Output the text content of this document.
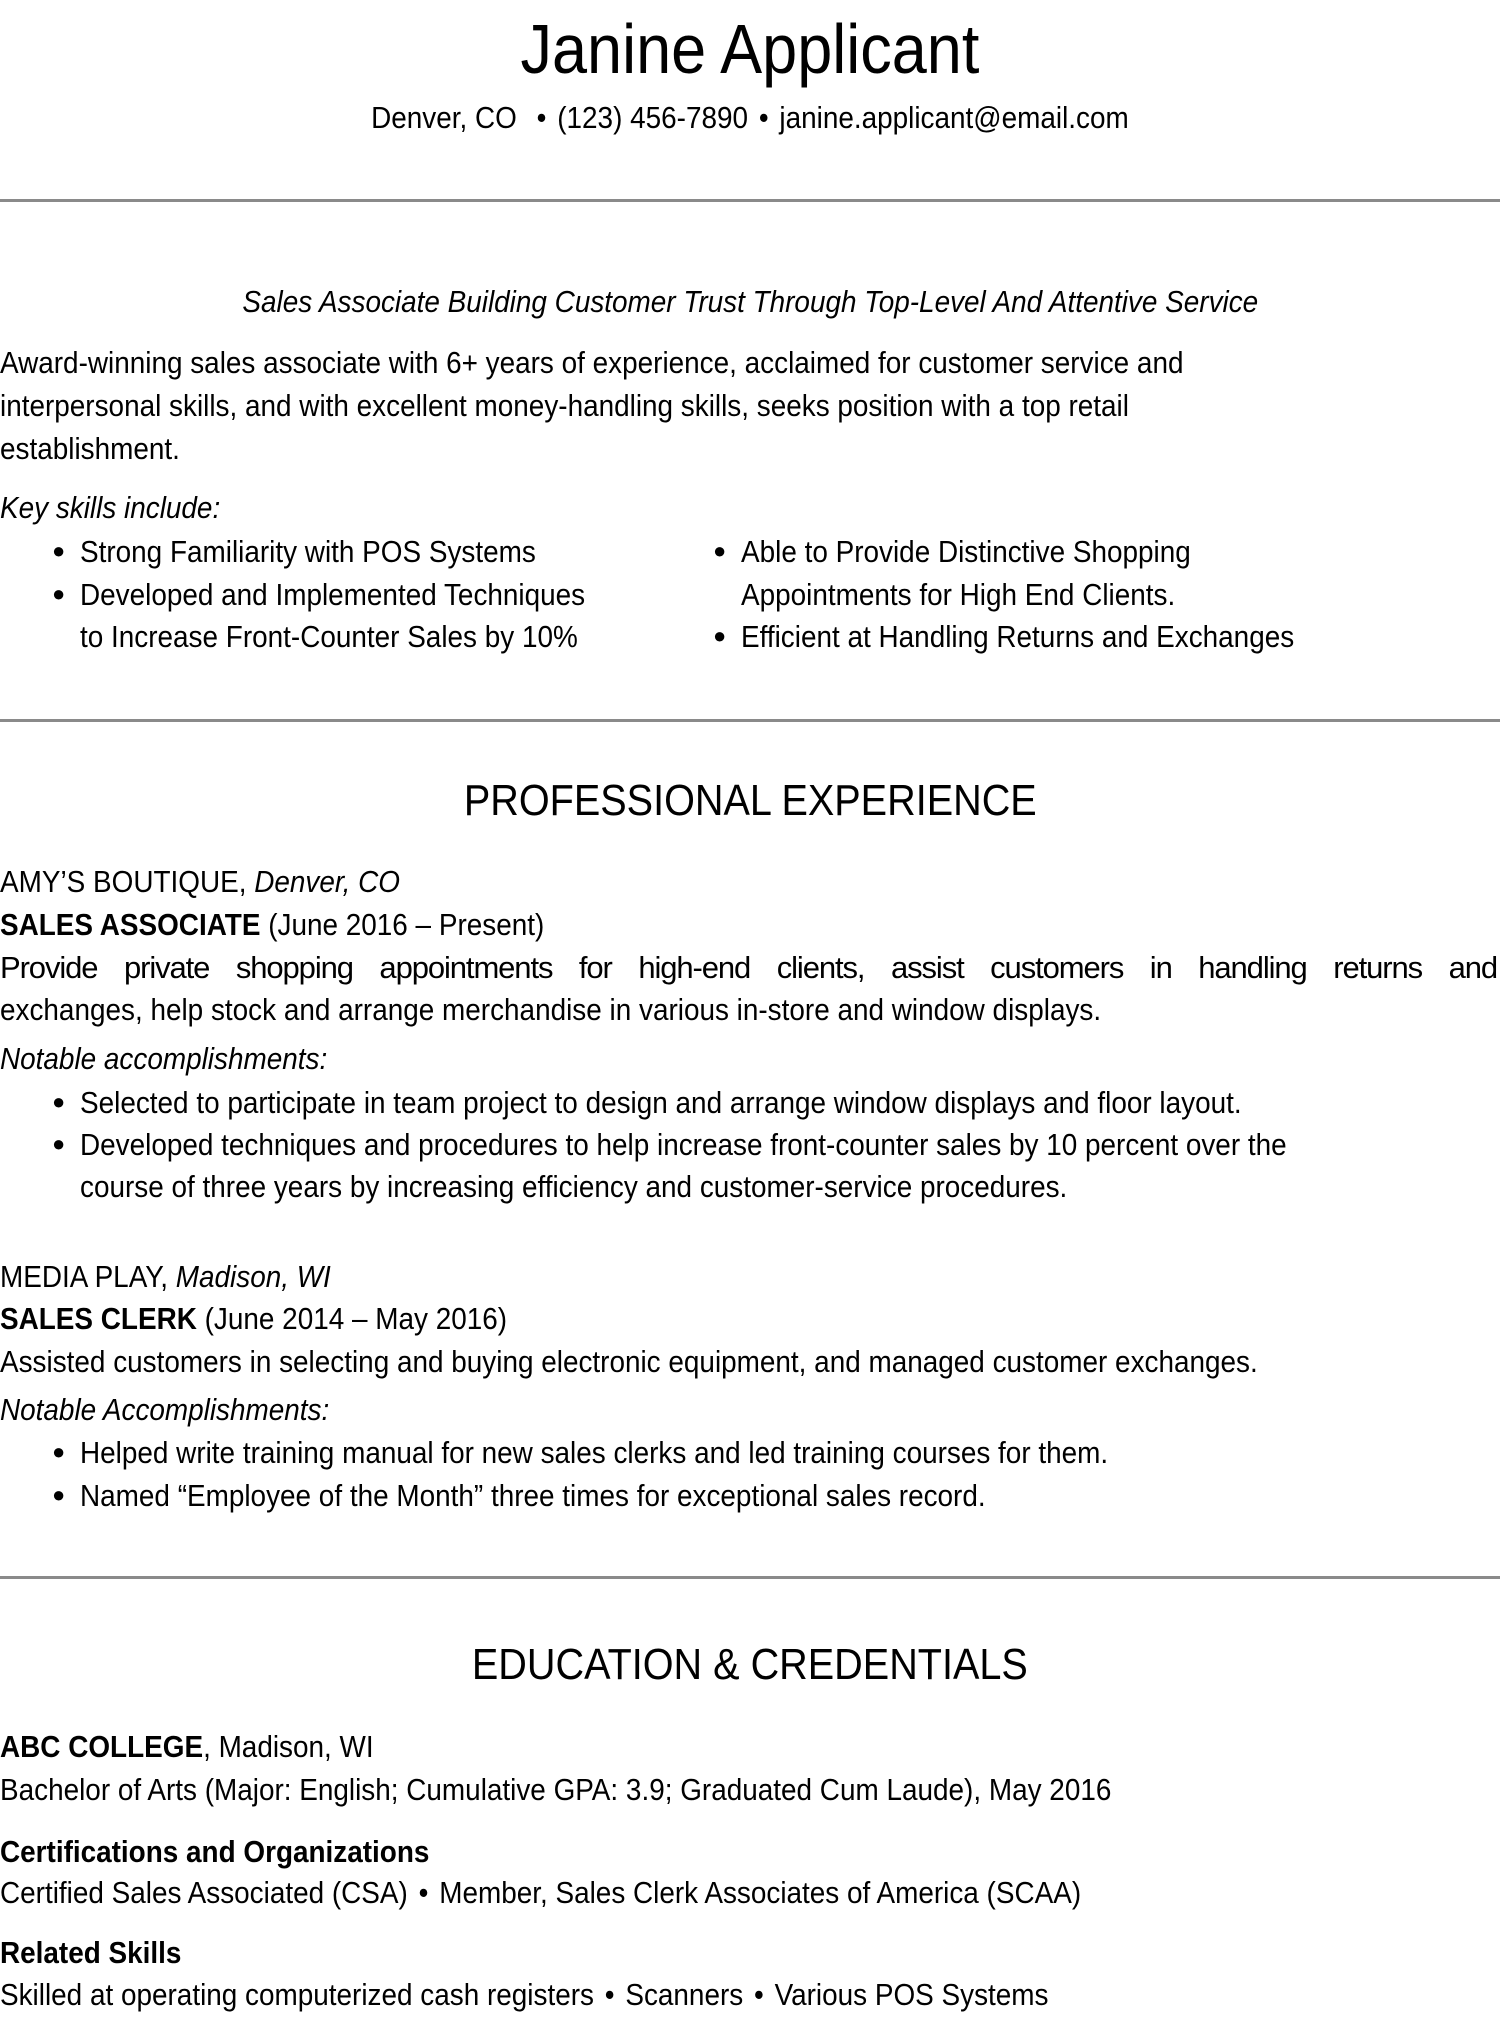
Janine Applicant
Denver, CO • (123) 456-7890 • janine.applicant@email.com
Sales Associate Building Customer Trust Through Top-Level And Attentive Service
Award-winning sales associate with 6+ years of experience, acclaimed for customer service and
interpersonal skills, and with excellent money-handling skills, seeks position with a top retail
establishment.
Key skills include:
● Strong Familiarity with POS Systems
● Developed and Implemented Techniques
to Increase Front-Counter Sales by 10%
● Able to Provide Distinctive Shopping
Appointments for High End Clients.
● Efficient at Handling Returns and Exchanges
PROFESSIONAL EXPERIENCE
AMY’S BOUTIQUE, Denver, CO
SALES ASSOCIATE (June 2016 – Present)
Provide private shopping appointments for high-end clients, assist customers in handling returns and
exchanges, help stock and arrange merchandise in various in-store and window displays.
Notable accomplishments:
● Selected to participate in team project to design and arrange window displays and floor layout.
● Developed techniques and procedures to help increase front-counter sales by 10 percent over the
course of three years by increasing efficiency and customer-service procedures.
MEDIA PLAY, Madison, WI
SALES CLERK (June 2014 – May 2016)
Assisted customers in selecting and buying electronic equipment, and managed customer exchanges.
Notable Accomplishments:
● Helped write training manual for new sales clerks and led training courses for them.
● Named “Employee of the Month” three times for exceptional sales record.
EDUCATION & CREDENTIALS
ABC COLLEGE, Madison, WI
Bachelor of Arts (Major: English; Cumulative GPA: 3.9; Graduated Cum Laude), May 2016
Certifications and Organizations
Certified Sales Associated (CSA) • Member, Sales Clerk Associates of America (SCAA)
Related Skills
Skilled at operating computerized cash registers • Scanners • Various POS Systems
